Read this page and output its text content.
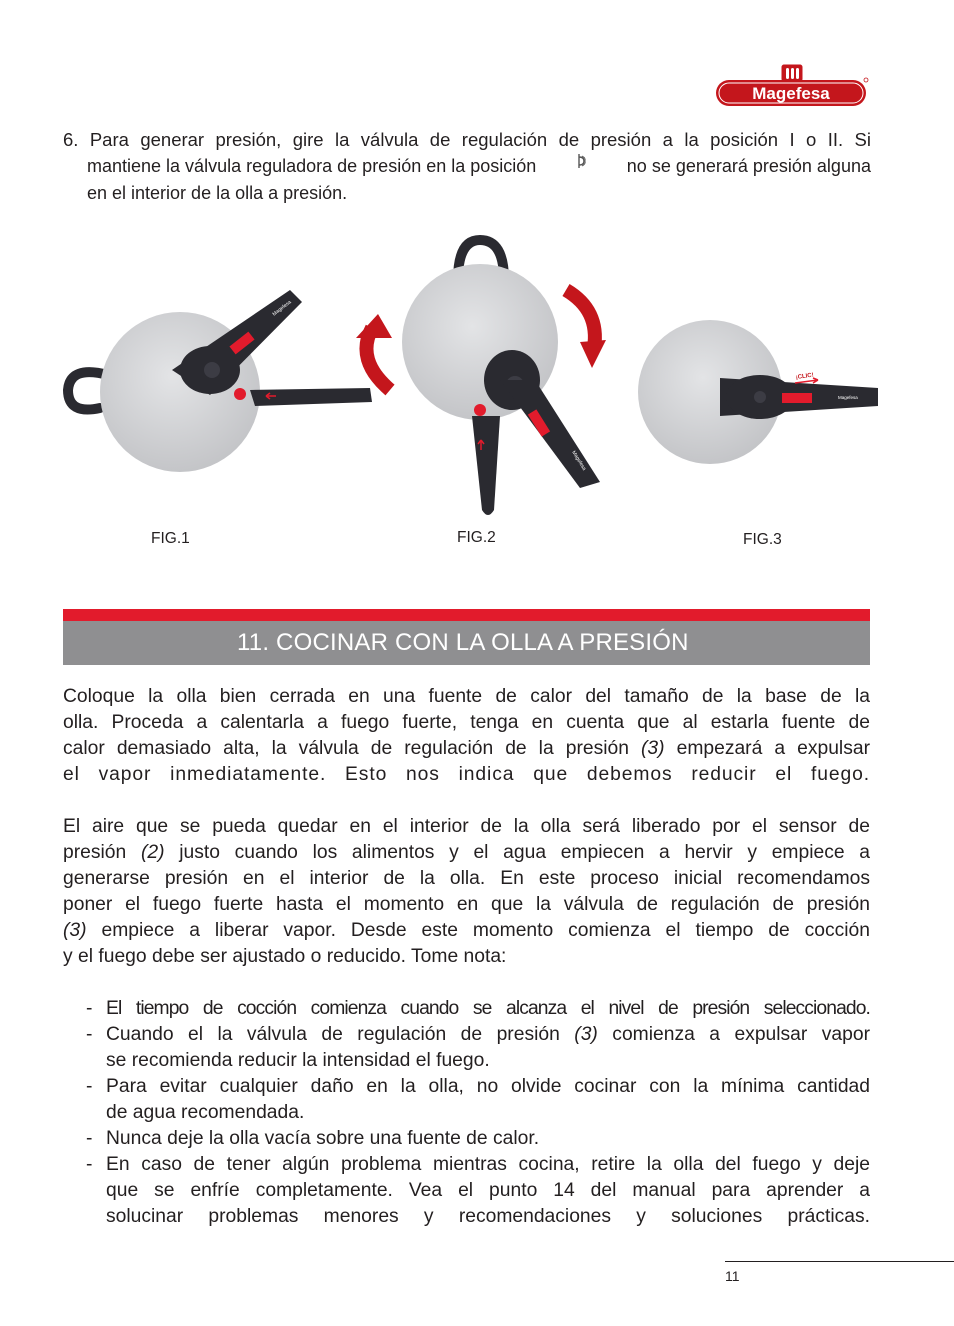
Magefesa
6. Para generar presión, gire la válvula de regulación de presión a la posición I o II. Si
mantiene la válvula reguladora de presión en la posición	no se generará presión alguna
en el interior de la olla a presión.
Magefesa
Magefesa
¡CLIC!
Magefesa
FIG.1	FIG.2	FIG.3
11. COCINAR CON LA OLLA A PRESIÓN
Coloque la olla bien cerrada en una fuente de calor del tamaño de la base de la
olla. Proceda a calentarla a fuego fuerte, tenga en cuenta que al estarla fuente de
calor demasiado alta, la válvula de regulación de la presión (3) empezará a expulsar
el vapor inmediatamente. Esto nos indica que debemos reducir el fuego.
El aire que se pueda quedar en el interior de la olla será liberado por el sensor de
presión (2) justo cuando los alimentos y el agua empiecen a hervir y empiece a
generarse presión en el interior de la olla. En este proceso inicial recomendamos
poner el fuego fuerte hasta el momento en que la válvula de regulación de presión
(3) empiece a liberar vapor. Desde este momento comienza el tiempo de cocción
y el fuego debe ser ajustado o reducido. Tome nota:
- El tiempo de cocción comienza cuando se alcanza el nivel de presión seleccionado.
- Cuando el la válvula de regulación de presión (3) comienza a expulsar vapor
se recomienda reducir la intensidad el fuego.
- Para evitar cualquier daño en la olla, no olvide cocinar con la mínima cantidad
de agua recomendada.
- Nunca deje la olla vacía sobre una fuente de calor.
- En caso de tener algún problema mientras cocina, retire la olla del fuego y deje
que se enfríe completamente. Vea el punto 14 del manual para aprender a
solucinar problemas menores y recomendaciones y soluciones prácticas.
11
